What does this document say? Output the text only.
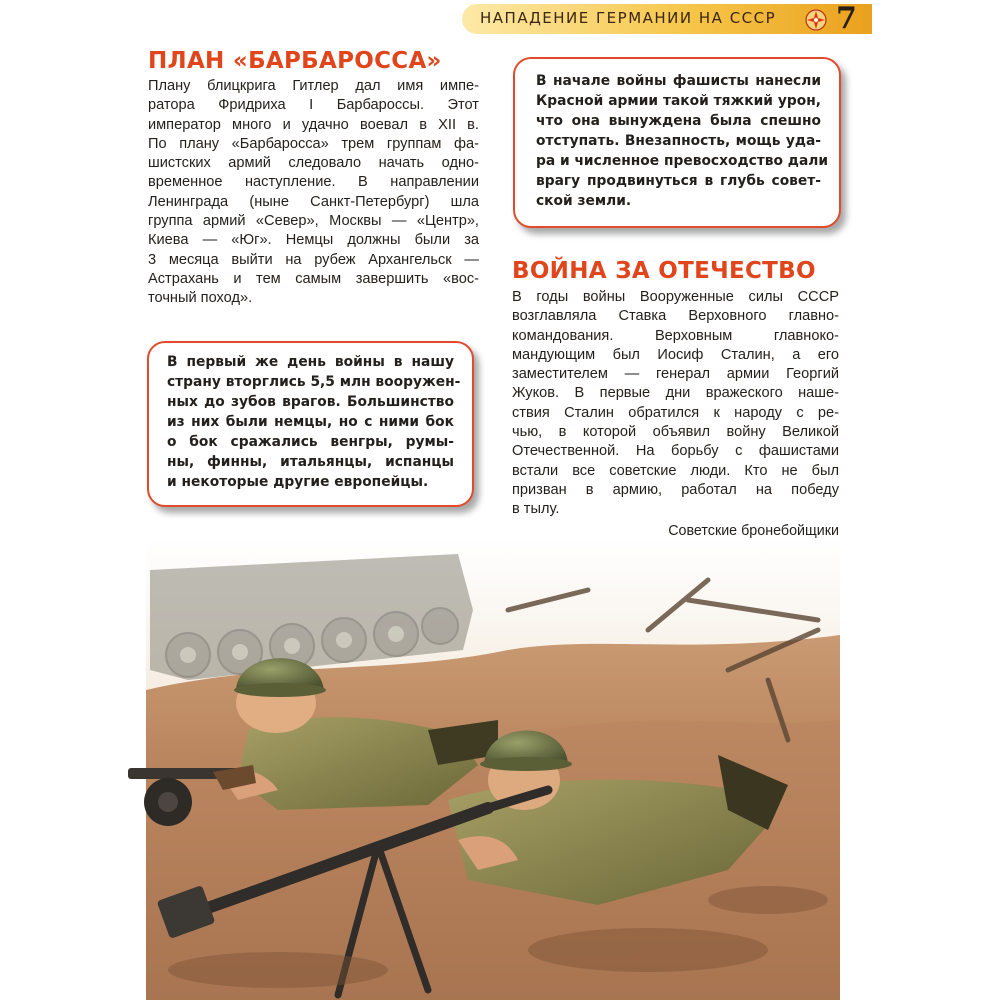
НАПАДЕНИЕ ГЕРМАНИИ НА СССР 7
ПЛАН «БАРБАРОССА»
Плану блицкрига Гитлер дал имя импе-
ратора Фридриха I Барбароссы. Этот
император много и удачно воевал в XII в.
По плану «Барбаросса» трем группам фа-
шистских армий следовало начать одно-
временное наступление. В направлении
Ленинграда (ныне Санкт-Петербург) шла
группа армий «Север», Москвы — «Центр»,
Киева — «Юг». Немцы должны были за
3 месяца выйти на рубеж Архангельск —
Астрахань и тем самым завершить «вос-
точный поход».
В первый же день войны в нашу
страну вторглись 5,5 млн вооружен-
ных до зубов врагов. Большинство
из них были немцы, но с ними бок
о бок сражались венгры, румы-
ны, финны, итальянцы, испанцы
и некоторые другие европейцы.
В начале войны фашисты нанесли
Красной армии такой тяжкий урон,
что она вынуждена была спешно
отступать. Внезапность, мощь уда-
ра и численное превосходство дали
врагу продвинуться в глубь совет-
ской земли.
ВОЙНА ЗА ОТЕЧЕСТВО
В годы войны Вооруженные силы СССР
возглавляла Ставка Верховного главно-
командования. Верховным главноко-
мандующим был Иосиф Сталин, а его
заместителем — генерал армии Георгий
Жуков. В первые дни вражеского наше-
ствия Сталин обратился к народу с ре-
чью, в которой объявил войну Великой
Отечественной. На борьбу с фашистами
встали все советские люди. Кто не был
призван в армию, работал на победу
в тылу.
Советские бронебойщики
